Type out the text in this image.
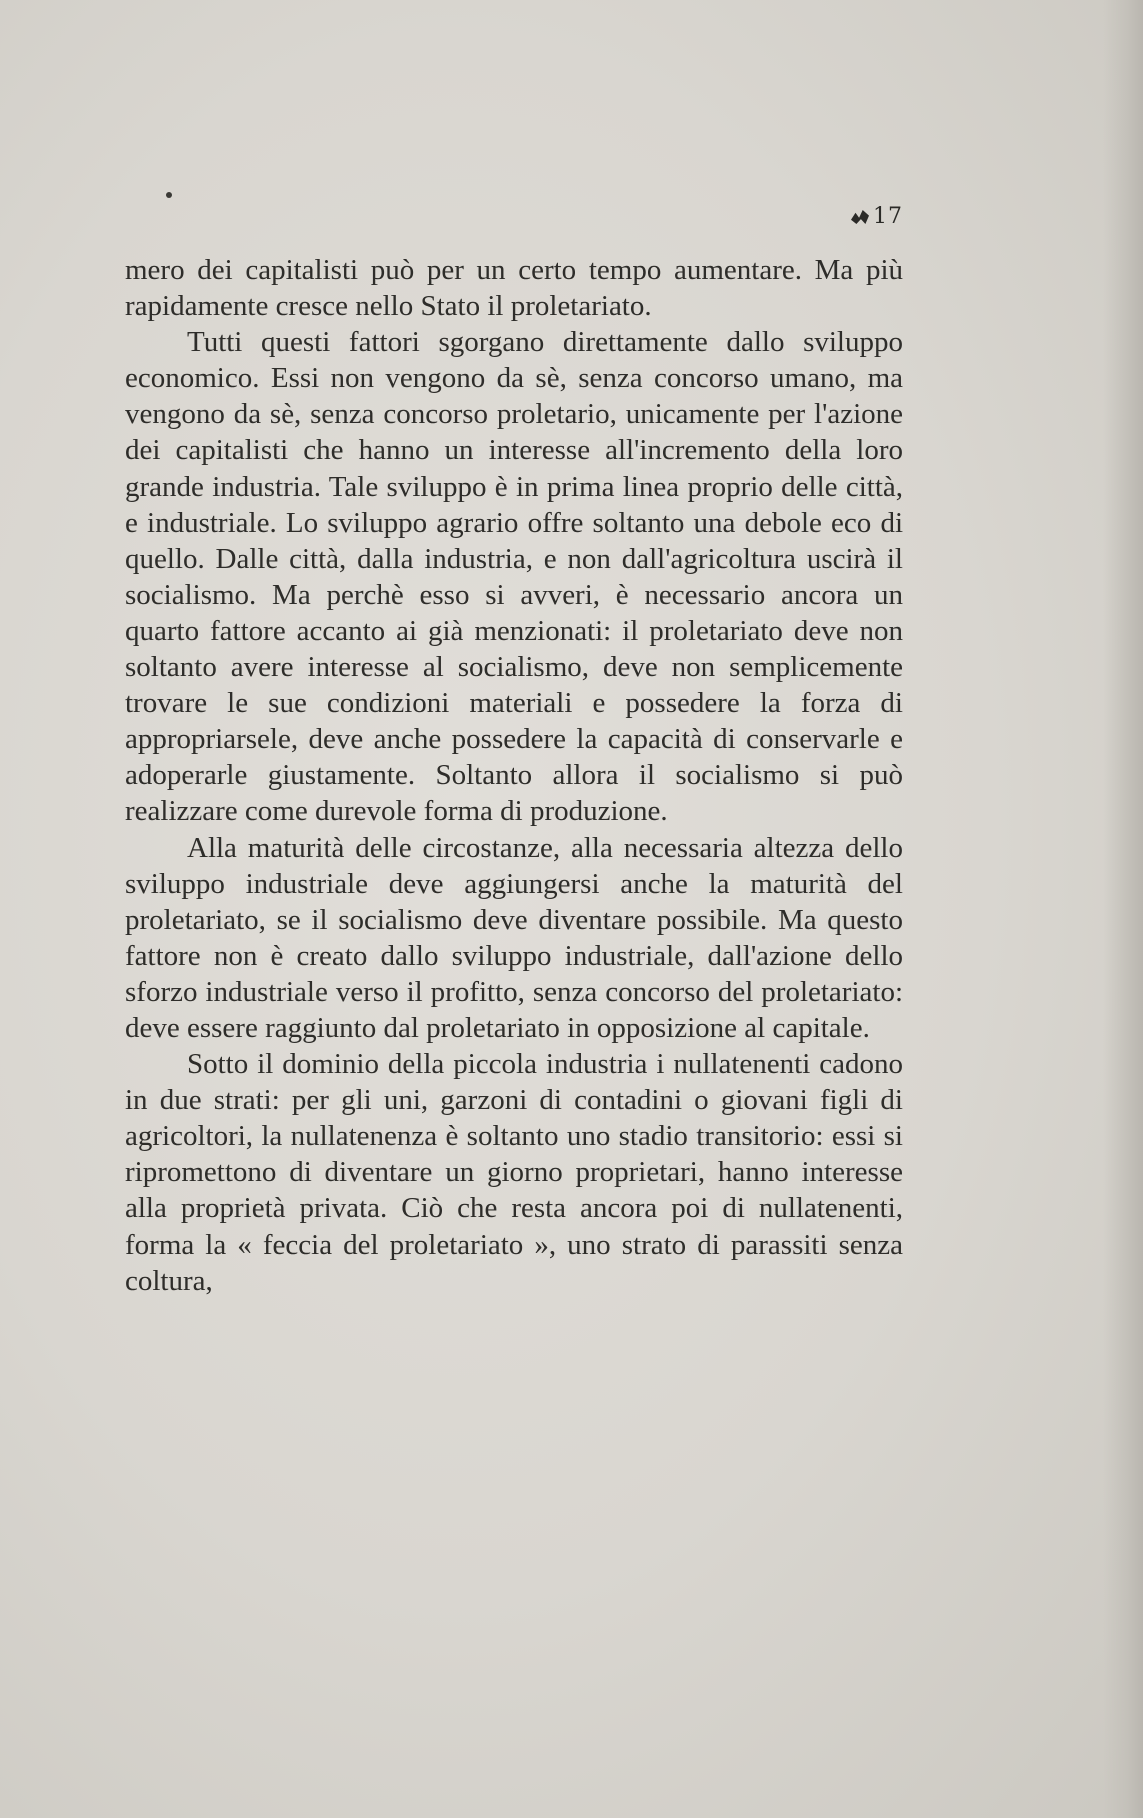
17

mero dei capitalisti può per un certo tempo aumentare. Ma più rapidamente cresce nello Stato il proletariato.

Tutti questi fattori sgorgano direttamente dallo sviluppo economico. Essi non vengono da sè, senza concorso umano, ma vengono da sè, senza concorso proletario, unicamente per l'azione dei capitalisti che hanno un interesse all'incremento della loro grande industria. Tale sviluppo è in prima linea proprio delle città, e industriale. Lo sviluppo agrario offre soltanto una debole eco di quello. Dalle città, dalla industria, e non dall'agricoltura uscirà il socialismo. Ma perchè esso si avveri, è necessario ancora un quarto fattore accanto ai già menzionati: il proletariato deve non soltanto avere interesse al socialismo, deve non semplicemente trovare le sue condizioni materiali e possedere la forza di appropriarsele, deve anche possedere la capacità di conservarle e adoperarle giustamente. Soltanto allora il socialismo si può realizzare come durevole forma di produzione.

Alla maturità delle circostanze, alla necessaria altezza dello sviluppo industriale deve aggiungersi anche la maturità del proletariato, se il socialismo deve diventare possibile. Ma questo fattore non è creato dallo sviluppo industriale, dall'azione dello sforzo industriale verso il profitto, senza concorso del proletariato: deve essere raggiunto dal proletariato in opposizione al capitale.

Sotto il dominio della piccola industria i nullatenenti cadono in due strati: per gli uni, garzoni di contadini o giovani figli di agricoltori, la nullatenenza è soltanto uno stadio transitorio: essi si ripromettono di diventare un giorno proprietari, hanno interesse alla proprietà privata. Ciò che resta ancora poi di nullatenenti, forma la « feccia del proletariato », uno strato di parassiti senza coltura,
